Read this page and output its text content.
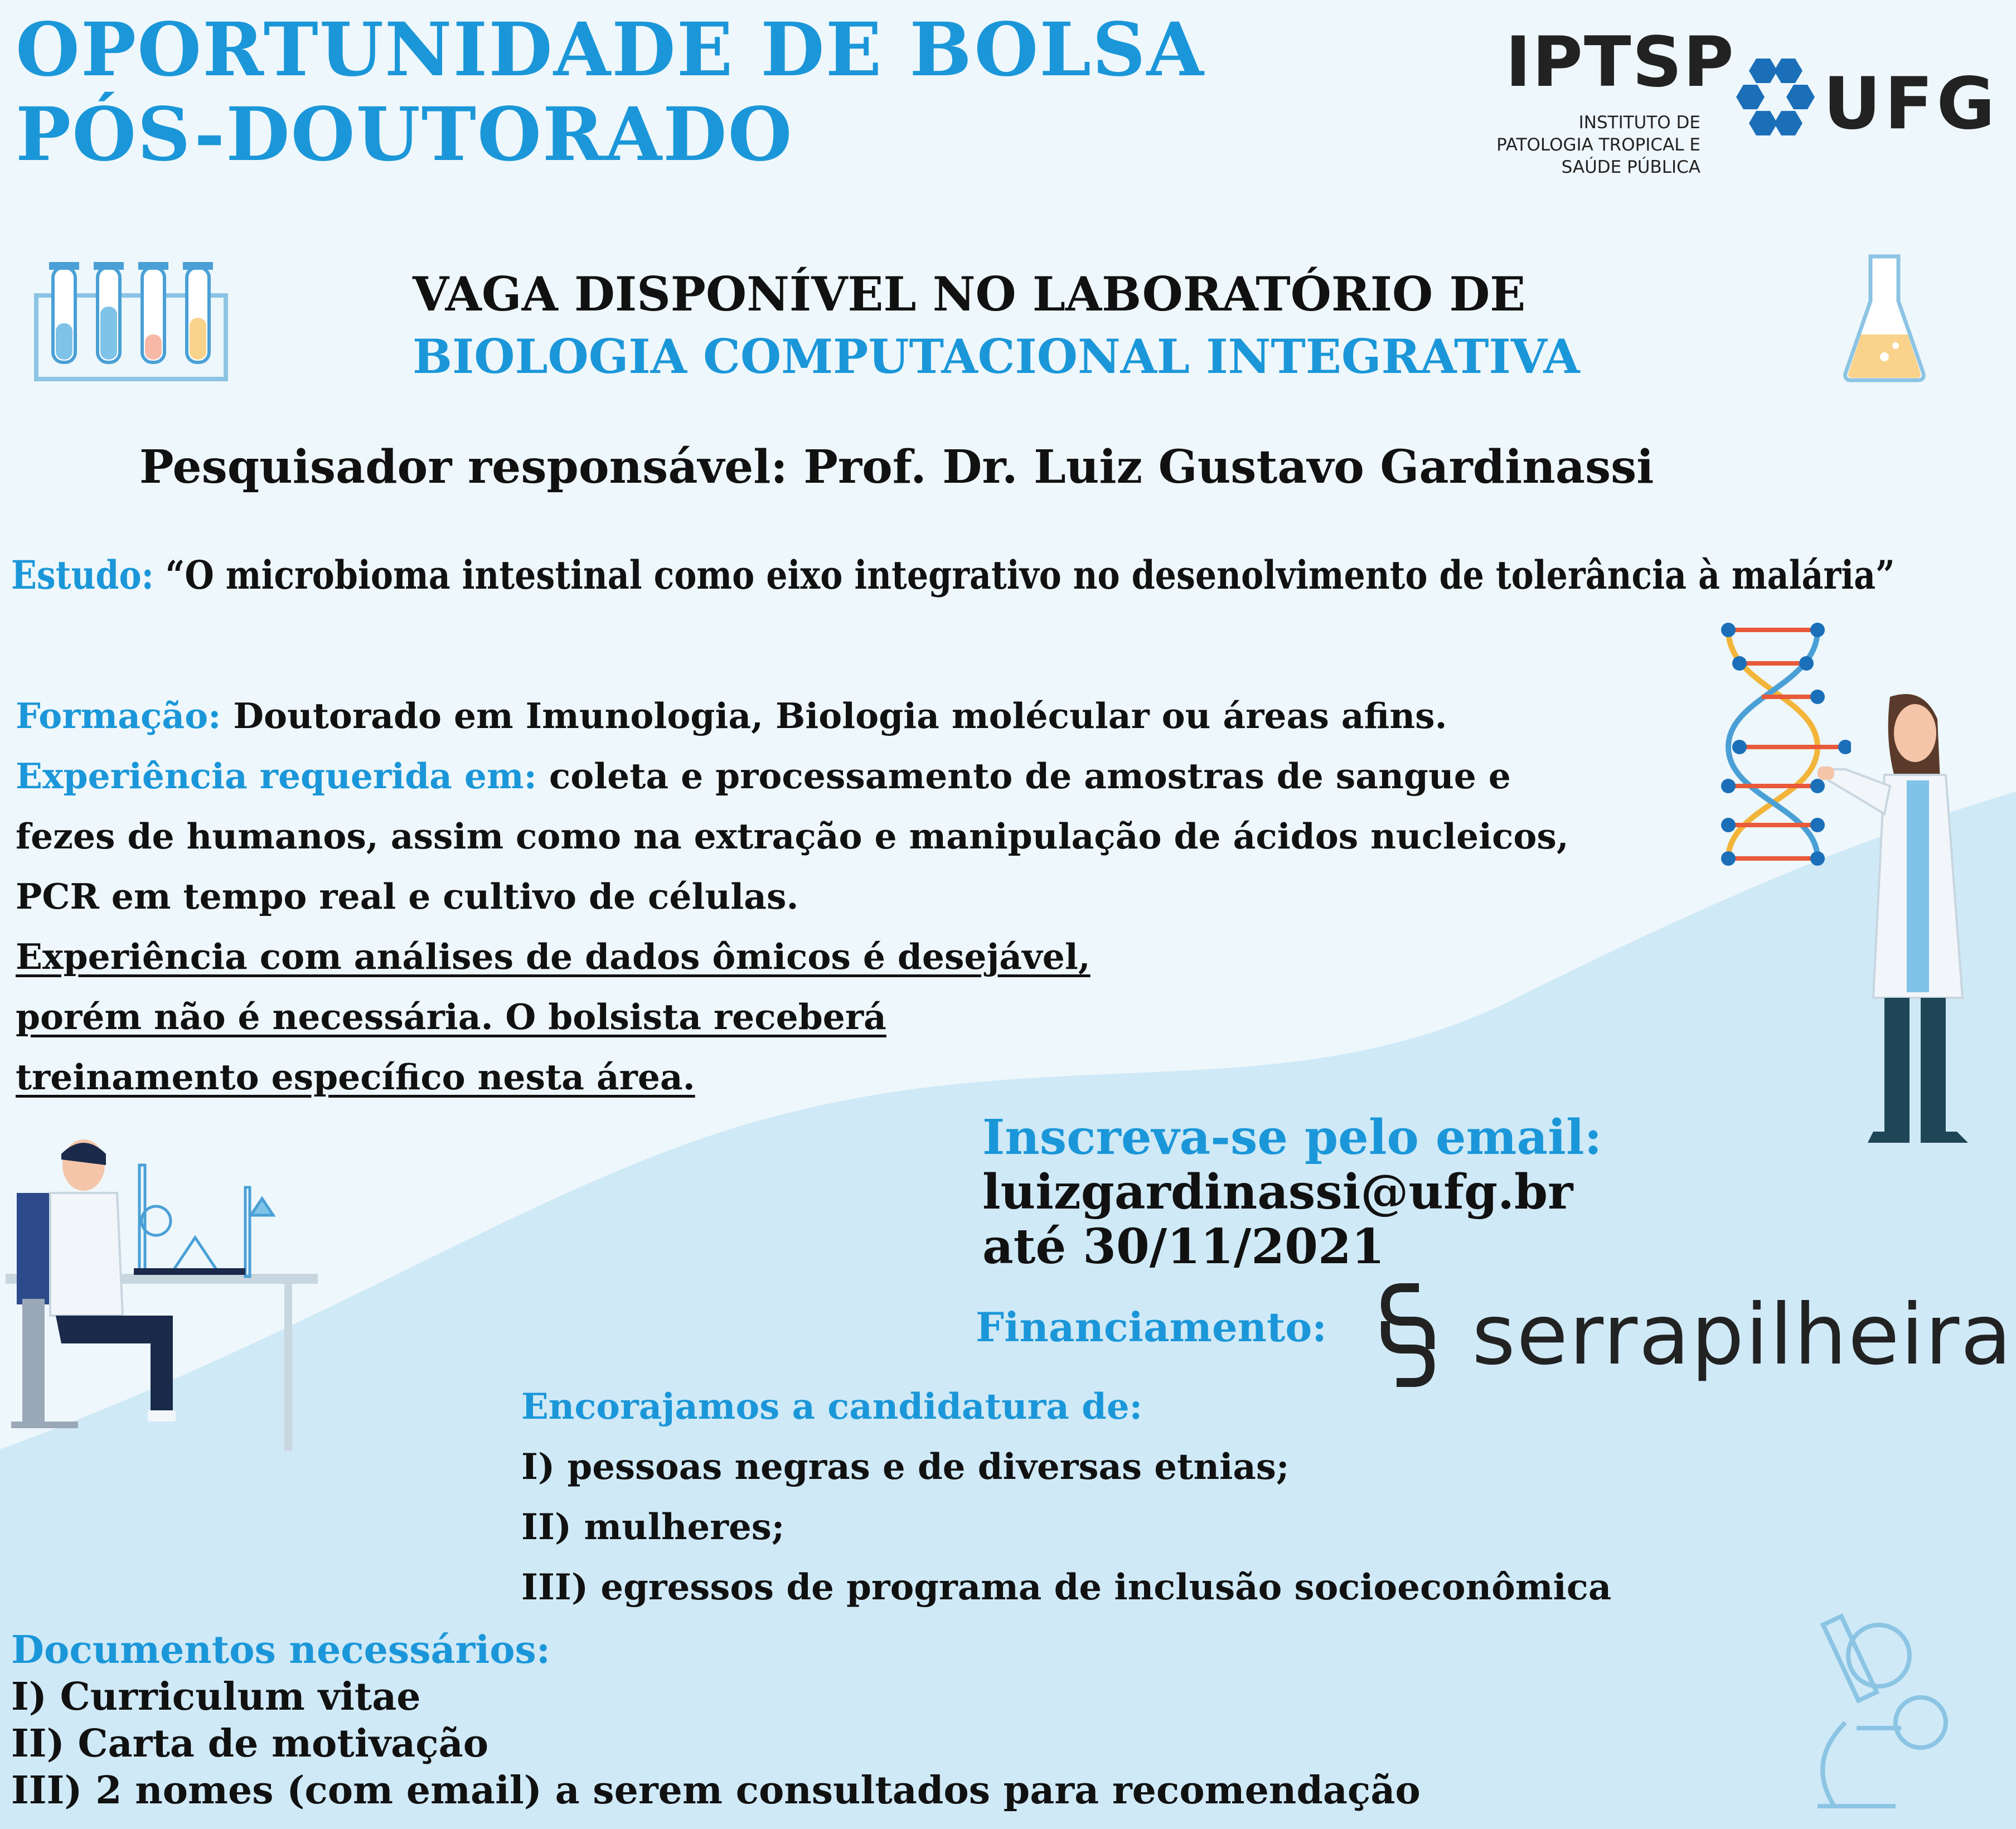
OPORTUNIDADE DE BOLSA
PÓS-DOUTORADO
IPTSP
INSTITUTO DE
PATOLOGIA TROPICAL E
SAÚDE PÚBLICA
UFG
VAGA DISPONÍVEL NO LABORATÓRIO DE
BIOLOGIA COMPUTACIONAL INTEGRATIVA
Pesquisador responsável: Prof. Dr. Luiz Gustavo Gardinassi
Estudo: “O microbioma intestinal como eixo integrativo no desenolvimento de tolerância à malária”
Formação: Doutorado em Imunologia, Biologia molécular ou áreas afins.
Experiência requerida em: coleta e processamento de amostras de sangue e
fezes de humanos, assim como na extração e manipulação de ácidos nucleicos,
PCR em tempo real e cultivo de células.
Experiência com análises de dados ômicos é desejável,
porém não é necessária. O bolsista receberá
treinamento específico nesta área.
Inscreva-se pelo email:
luizgardinassi@ufg.br
até 30/11/2021
Financiamento: serrapilheira
Encorajamos a candidatura de:
I) pessoas negras e de diversas etnias;
II) mulheres;
III) egressos de programa de inclusão socioeconômica
Documentos necessários:
I) Curriculum vitae
II) Carta de motivação
III) 2 nomes (com email) a serem consultados para recomendação
